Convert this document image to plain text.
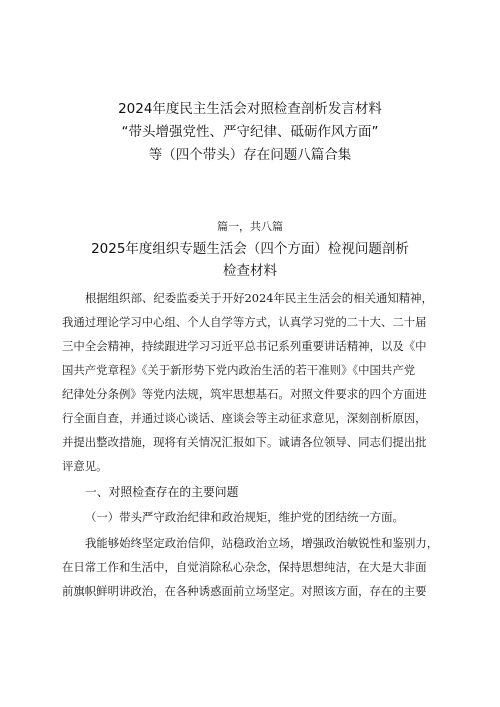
2024年度民主生活会对照检查剖析发言材料
“带头增强党性、严守纪律、砥砺作风方面”
等（四个带头）存在问题八篇合集
篇一，共八篇
2025年度组织专题生活会（四个方面）检视问题剖析
检查材料
根据组织部、纪委监委关于开好2024年民主生活会的相关通知精神，
我通过理论学习中心组、个人自学等方式，认真学习党的二十大、二十届
三中全会精神，持续跟进学习习近平总书记系列重要讲话精神，以及《中
国共产党章程》《关于新形势下党内政治生活的若干准则》《中国共产党
纪律处分条例》等党内法规，筑牢思想基石。对照文件要求的四个方面进
行全面自查，并通过谈心谈话、座谈会等主动征求意见，深刻剖析原因，
并提出整改措施，现将有关情况汇报如下。诚请各位领导、同志们提出批
评意见。
一、对照检查存在的主要问题
（一）带头严守政治纪律和政治规矩，维护党的团结统一方面。
我能够始终坚定政治信仰，站稳政治立场，增强政治敏锐性和鉴别力，
在日常工作和生活中，自觉消除私心杂念，保持思想纯洁，在大是大非面
前旗帜鲜明讲政治，在各种诱惑面前立场坚定。对照该方面，存在的主要
